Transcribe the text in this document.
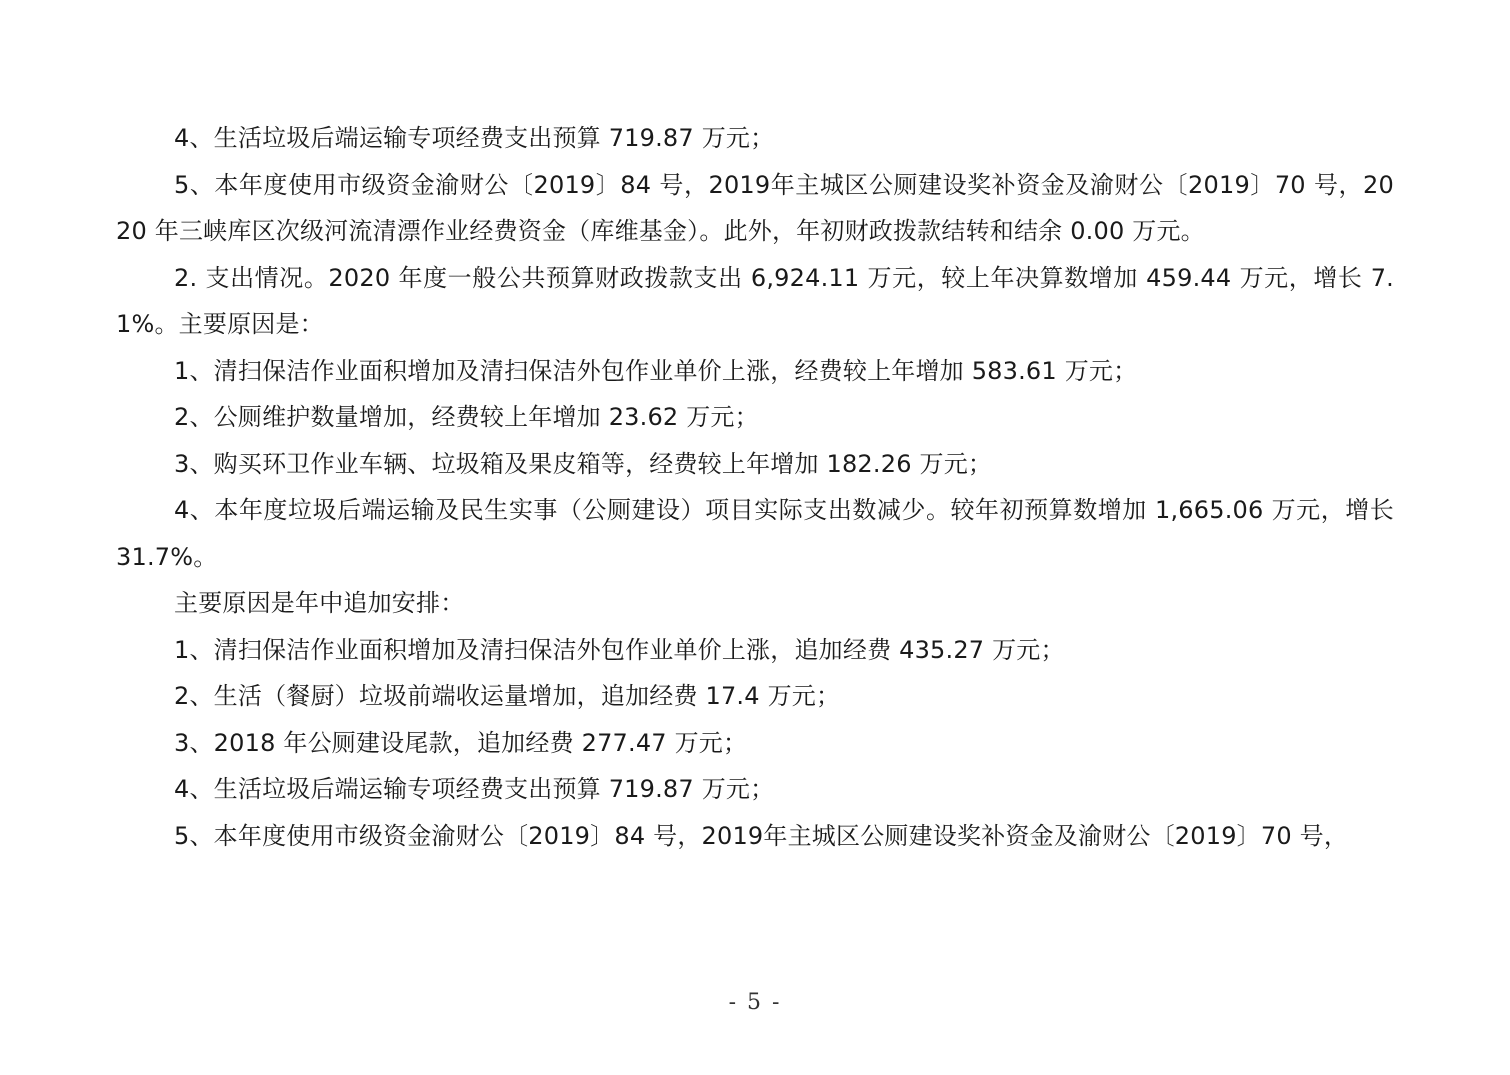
4、生活垃圾后端运输专项经费支出预算 719.87 万元；

5、本年度使用市级资金渝财公〔2019〕84 号，2019年主城区公厕建设奖补资金及渝财公〔2019〕70 号，2020 年三峡库区次级河流清漂作业经费资金（库维基金）。此外，年初财政拨款结转和结余 0.00 万元。

2. 支出情况。2020 年度一般公共预算财政拨款支出 6,924.11 万元，较上年决算数增加 459.44 万元，增长 7.1%。主要原因是：

1、清扫保洁作业面积增加及清扫保洁外包作业单价上涨，经费较上年增加 583.61 万元；

2、公厕维护数量增加，经费较上年增加 23.62 万元；

3、购买环卫作业车辆、垃圾箱及果皮箱等，经费较上年增加 182.26 万元；

4、本年度垃圾后端运输及民生实事（公厕建设）项目实际支出数减少。较年初预算数增加 1,665.06 万元，增长 31.7%。

主要原因是年中追加安排：

1、清扫保洁作业面积增加及清扫保洁外包作业单价上涨，追加经费 435.27 万元；

2、生活（餐厨）垃圾前端收运量增加，追加经费 17.4 万元；

3、2018 年公厕建设尾款，追加经费 277.47 万元；

4、生活垃圾后端运输专项经费支出预算 719.87 万元；

5、本年度使用市级资金渝财公〔2019〕84 号，2019年主城区公厕建设奖补资金及渝财公〔2019〕70 号，

- 5 -
